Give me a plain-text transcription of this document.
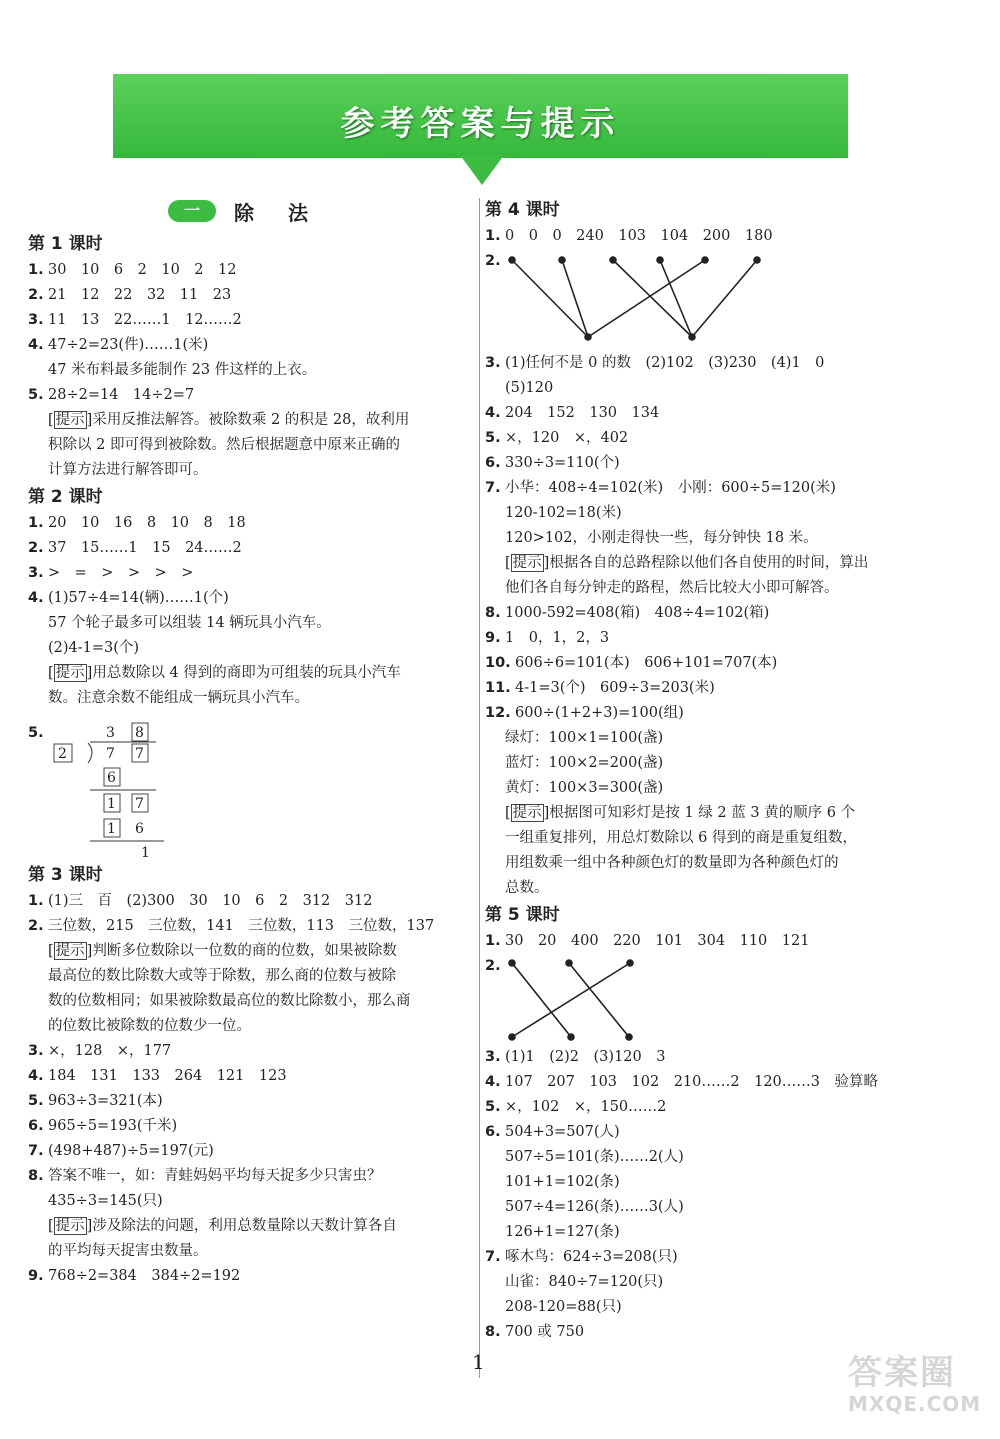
参考答案与提示
一	除法
第 1 课时
1. 30　10　6　2　10　2　12
2. 21　12　22　32　11　23
3. 11　13　22……1　12……2
4. 47÷2=23(件)……1(米)
47 米布料最多能制作 23 件这样的上衣。
5. 28÷2=14　14÷2=7
[ 提示 ]采用反推法解答。被除数乘 2 的积是 28，故利用
积除以 2 即可得到被除数。然后根据题意中原来正确的
计算方法进行解答即可。
第 2 课时
1. 20　10　16　8　10　8　18
2. 37　15……1　15　24……2
3. >　=　>　>　>　>
4. (1)57÷4=14(辆)……1(个)
57 个轮子最多可以组装 14 辆玩具小汽车。
(2)4-1=3(个)
[ 提示 ]用总数除以 4 得到的商即为可组装的玩具小汽车
数。注意余数不能组成一辆玩具小汽车。
5.	3 8
2	7 7
6
1 7
1 6
1
第 3 课时
1. (1)三　百　(2)300　30　10　6　2　312　312
2. 三位数，215　三位数，141　三位数，113　三位数，137
[ 提示 ]判断多位数除以一位数的商的位数，如果被除数
最高位的数比除数大或等于除数，那么商的位数与被除
数的位数相同；如果被除数最高位的数比除数小，那么商
的位数比被除数的位数少一位。
3. ×，128　×，177
4. 184　131　133　264　121　123
5. 963÷3=321(本)
6. 965÷5=193(千米)
7. (498+487)÷5=197(元)
8. 答案不唯一，如：青蛙妈妈平均每天捉多少只害虫？
435÷3=145(只)
[ 提示 ]涉及除法的问题，利用总数量除以天数计算各自
的平均每天捉害虫数量。
9. 768÷2=384　384÷2=192
第 4 课时
1. 0　0　0　240　103　104　200　180
2.
3. (1)任何不是 0 的数　(2)102　(3)230　(4)1　0
(5)120
4. 204　152　130　134
5. ×，120　×，402
6. 330÷3=110(个)
7. 小华：408÷4=102(米)　小刚：600÷5=120(米)
120-102=18(米)
120>102，小刚走得快一些，每分钟快 18 米。
[ 提示 ]根据各自的总路程除以他们各自使用的时间，算出
他们各自每分钟走的路程，然后比较大小即可解答。
8. 1000-592=408(箱)　408÷4=102(箱)
9. 1　0，1，2，3
10. 606÷6=101(本)　606+101=707(本)
11. 4-1=3(个)　609÷3=203(米)
12. 600÷(1+2+3)=100(组)
绿灯：100×1=100(盏)
蓝灯：100×2=200(盏)
黄灯：100×3=300(盏)
[ 提示 ]根据图可知彩灯是按 1 绿 2 蓝 3 黄的顺序 6 个
一组重复排列，用总灯数除以 6 得到的商是重复组数，
用组数乘一组中各种颜色灯的数量即为各种颜色灯的
总数。
第 5 课时
1. 30　20　400　220　101　304　110　121
2.
3. (1)1　(2)2　(3)120　3
4. 107　207　103　102　210……2　120……3　验算略
5. ×，102　×，150……2
6. 504+3=507(人)
507÷5=101(条)……2(人)
101+1=102(条)
507÷4=126(条)……3(人)
126+1=127(条)
7. 啄木鸟：624÷3=208(只)
山雀：840÷7=120(只)
208-120=88(只)
8. 700 或 750
1	答案圈
MXQE.COM
